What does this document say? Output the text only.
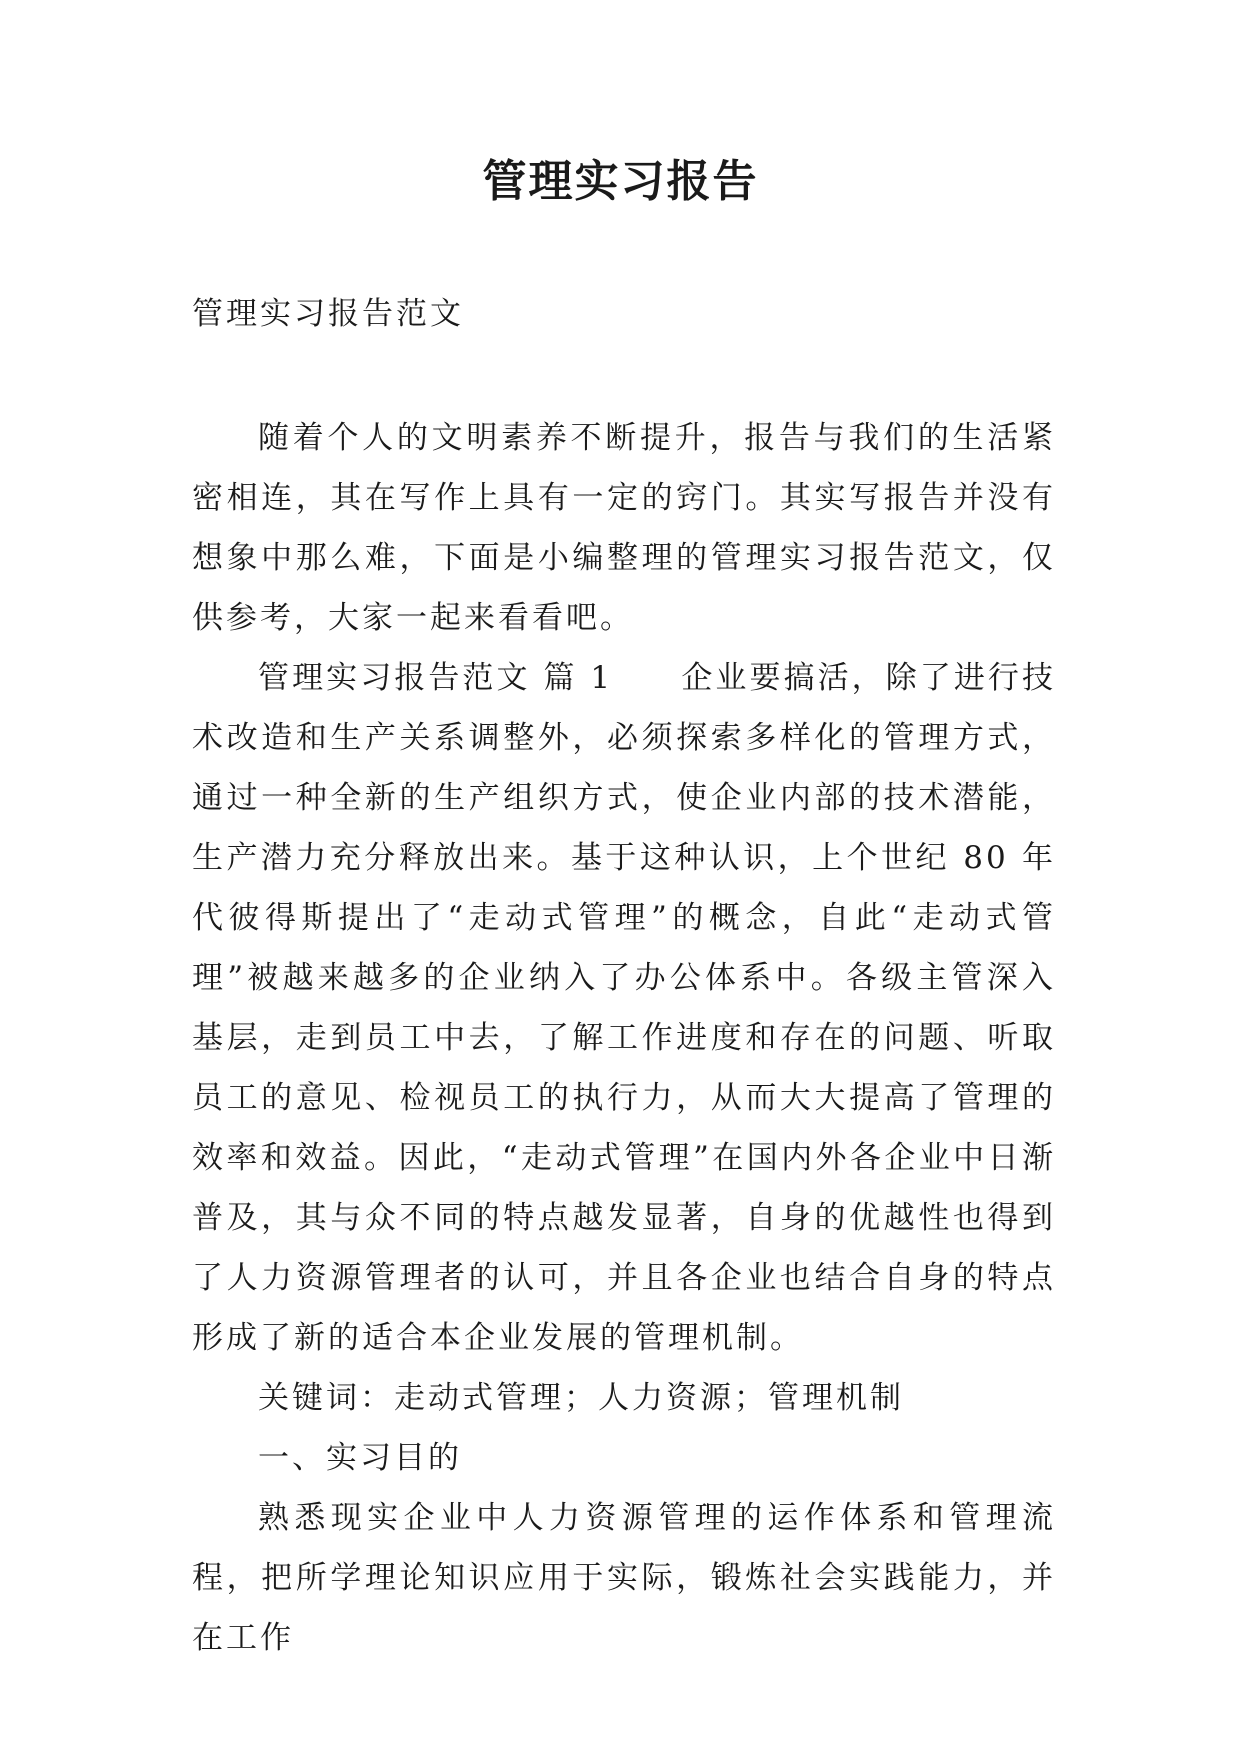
管理实习报告

管理实习报告范文

随着个人的文明素养不断提升，报告与我们的生活紧密相连，其在写作上具有一定的窍门。其实写报告并没有想象中那么难，下面是小编整理的管理实习报告范文，仅供参考，大家一起来看看吧。

管理实习报告范文 篇 1　　企业要搞活，除了进行技术改造和生产关系调整外，必须探索多样化的管理方式，通过一种全新的生产组织方式，使企业内部的技术潜能，生产潜力充分释放出来。基于这种认识，上个世纪 80 年代彼得斯提出了“走动式管理”的概念，自此“走动式管理”被越来越多的企业纳入了办公体系中。各级主管深入基层，走到员工中去，了解工作进度和存在的问题、听取员工的意见、检视员工的执行力，从而大大提高了管理的效率和效益。因此，“走动式管理”在国内外各企业中日渐普及，其与众不同的特点越发显著，自身的优越性也得到了人力资源管理者的认可，并且各企业也结合自身的特点形成了新的适合本企业发展的管理机制。

关键词：走动式管理；人力资源；管理机制

一、实习目的

熟悉现实企业中人力资源管理的运作体系和管理流程，把所学理论知识应用于实际，锻炼社会实践能力，并在工作
